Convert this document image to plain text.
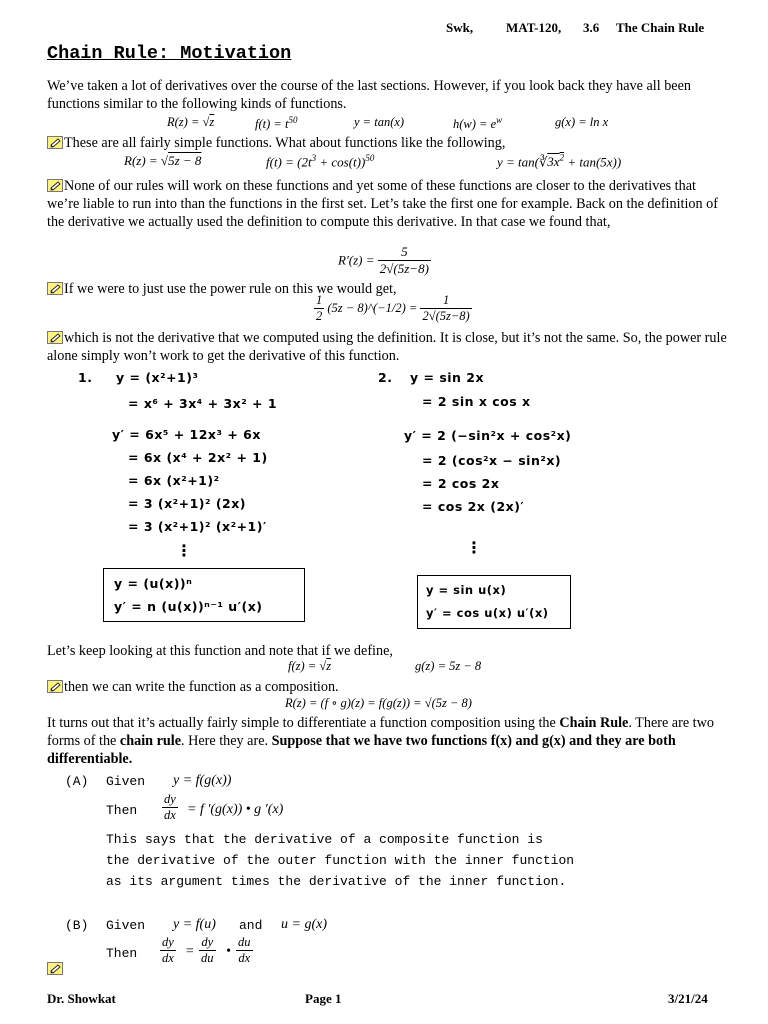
Swk,	MAT-120, 3.6 The Chain Rule
Chain Rule: Motivation
We’ve taken a lot of derivatives over the course of the last sections. However, if you look back they have all been functions similar to the following kinds of functions.
R(z) = √z	$f(t) = t^{50}$	y = tan(x)	$h(w) = e^w$	g(x) = ln x
These are all fairly simple functions. What about functions like the following,
R(z) = √5z − 8	$f(t) = (2t^3 + \cos(t))^{50}$	$y = \tan(∛3x^2 + \tan(5x))$
None of our rules will work on these functions and yet some of these functions are closer to the derivatives that we’re liable to run into than the functions in the first set. Let’s take the first one for example. Back on the definition of the derivative we actually used the definition to compute this derivative. In that case we found that,
$R'(z) = \frac{5}{2√(5z-8)}$
If we were to just use the power rule on this we would get,
$\frac{1}{2} (5z$ − 8)^(−1/2) = $\frac{1}{2√(5z-8)}$
which is not the derivative that we computed using the definition. It is close, but it’s not the same. So, the power rule alone simply won’t work to get the derivative of this function.
1. y = (x²+1)³
= x⁶ + 3x⁴ + 3x² + 1
y′ = 6x⁵ + 12x³ + 6x
= 6x (x⁴ + 2x² + 1)
= 6x (x²+1)²
= 3 (x²+1)² (2x)
= 3 (x²+1)² (x²+1)′
⋮
y = (u(x))ⁿ
y′ = n (u(x))ⁿ⁻¹ u′(x)
2. y = sin 2x
= 2 sin x cos x
y′ = 2 (−sin²x + cos²x)
= 2 (cos²x − sin²x)
= 2 cos 2x
= cos 2x (2x)′
⋮
y = sin u(x)
y′ = cos u(x) u′(x)
Let’s keep looking at this function and note that if we define,
f(z) = √z	g(z) = 5z − 8
then we can write the function as a composition.
R(z) = (f ∘ g)(z) = f(g(z)) = √(5z − 8)
It turns out that it’s actually fairly simple to differentiate a function composition using the Chain Rule. There are two forms of the chain rule. Here they are. Suppose that we have two functions f(x) and g(x) and they are both differentiable.
(A) Given y = f(g(x))
Then $\frac{dy}{dx} = f$ ′(g(x)) • g ′(x)
This says that the derivative of a composite function is
the derivative of the outer function with the inner function
as its argument times the derivative of the inner function.
(B) Given y = f(u) and u = g(x)
Then $\frac{dy}{dx} = \frac{dy}{du}$ • $\frac{du}{dx}$
Dr. Showkat	Page 1	3/21/24
